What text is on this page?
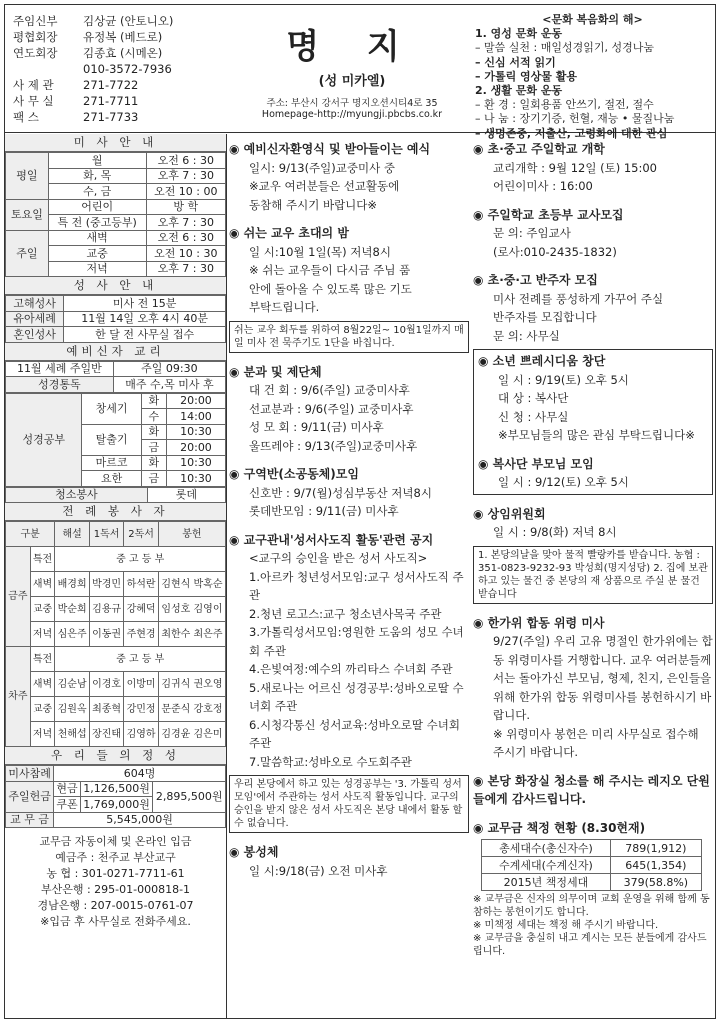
주임신부	김상균 (안토니오)
평협회장	유정복 (베드로)
연도회장	김종효 (시메온)
010-3572-7936
사 제 관	271-7722
사 무 실	271-7711
팩 스	271-7733
명 지
(성 미카엘)
주소: 부산시 강서구 명지오션시티4로 35
Homepage-http://myungji.pbcbs.co.kr
<문화 복음화의 해>
1. 영성 문화 운동
– 말씀 실천 : 매일성경읽기, 성경나눔
– 신심 서적 읽기
– 가톨릭 영상물 활용
2. 생활 문화 운동
– 환 경 : 일회용품 안쓰기, 절전, 절수
– 나 눔 : 장기기증, 헌혈, 재능 • 물질나눔
– 생명존중, 저출산, 고령화에 대한 관심
미 사 안 내
평일	월	오전 6 : 30
	화, 목	오후 7 : 30
	수, 금	오전 10 : 00
토요일	어린이	방 학
	특 전 (중고등부)	오후 7 : 30
주일	새벽	오전 6 : 30
	교중	오전 10 : 30
	저녁	오후 7 : 30
성 사 안 내
고해성사	미사 전 15분
유아세례	11월 14일 오후 4시 40분
혼인성사	한 달 전 사무실 접수
예비신자 교리
11월 세례 주일반	주일 09:30
성경통독	매주 수,목 미사 후
성경공부	창세기	화	20:00
		수	14:00
	탈출기	화	10:30
		금	20:00
	마르코	화	10:30
	요한	금	10:30
청소봉사	롯데
전 례 봉 사 자
구분		해설	1독서	2독서	봉헌
금주	특전	중 고 등 부			
	새벽	배경희	박경민	하석란	김현식 박혹순
	교중	박순희	김용규	강혜덕	임성호 김영이
	저녁	심은주	이동권	주현경	최한수 최은주
차주	특전	중 고 등 부			
	새벽	김순남	이경호	이방미	김귀식 권오영
	교중	김원옥	최종혁	강민정	문준식 강호정
	저녁	천해섭	장진태	김영하	김경윤 김은미
우 리 들 의 정 성
미사참례	604명		
주일헌금	현금	1,126,500원	2,895,500원
	쿠폰	1,769,000원	
교 무 금	5,545,000원		
교무금 자동이체 및 온라인 입금
예금주 : 천주교 부산교구
농 협 : 301-0271-7711-61
부산은행 : 295-01-000818-1
경남은행 : 207-0015-0761-07
※입금 후 사무실로 전화주세요.
◉ 예비신자환영식 및 받아들이는 예식
일시: 9/13(주일)교중미사 중
※교우 여러분들은 선교활동에
동참해 주시기 바랍니다※
◉ 쉬는 교우 초대의 밤
일 시:10월 1일(목) 저녁8시
※ 쉬는 교우들이 다시금 주님 품
안에 돌아올 수 있도록 많은 기도
부탁드립니다.
쉬는 교우 회두를 위하여 8월22일~ 10월1일까지 매일 미사 전 묵주기도 1단을 바칩니다.
◉ 분과 및 제단체
대 건 회 : 9/6(주일) 교중미사후
선교분과 : 9/6(주일) 교중미사후
성 모 회 : 9/11(금) 미사후
울뜨레야 : 9/13(주일)교중미사후
◉ 구역반(소공동체)모임
신호반 : 9/7(월)성심부동산 저녁8시
롯데반모임 : 9/11(금) 미사후
◉ 교구관내'성서사도직 활동'관련 공지
<교구의 승인을 받은 성서 사도직>
1.아르카 청년성서모임:교구 성서사도직 주관
2.청년 로고스:교구 청소년사목국 주관
3.가톨릭성서모임:영원한 도움의 성모 수녀회 주관
4.은빛여정:예수의 까리타스 수녀회 주관
5.새로나는 어르신 성경공부:성바오로딸 수녀회 주관
6.시청각통신 성서교육:성바오로딸 수녀회 주관
7.말씀학교:성바오로 수도회주관
우리 본당에서 하고 있는 성경공부는 '3. 가톨릭 성서 모임'에서 주관하는 성서 사도직 활동입니다. 교구의 승인을 받지 않은 성서 사도직은 본당 내에서 활동 할 수 없습니다.
◉ 봉성체
일 시:9/18(금) 오전 미사후
◉ 초·중고 주일학교 개학
교리개학 : 9월 12일 (토) 15:00
어린이미사 : 16:00
◉ 주일학교 초등부 교사모집
문 의: 주임교사
(로사:010-2435-1832)
◉ 초·중·고 반주자 모집
미사 전례를 풍성하게 가꾸어 주실
반주자를 모집합니다
문 의: 사무실
◉ 소년 쁘레시디움 창단
일 시 : 9/19(토) 오후 5시
대 상 : 복사단
신 청 : 사무실
※부모님들의 많은 관심 부탁드립니다※
◉ 복사단 부모님 모임
일 시 : 9/12(토) 오후 5시
◉ 상임위원회
일 시 : 9/8(화) 저녁 8시
1. 본당의날을 맞아 물적 빨랑카를 받습니다. 농협 : 351-0823-9232-93 박성희(명지성당) 2. 집에 보관하고 있는 물건 중 본당의 재 상품으로 주실 분 물건 받습니다
◉ 한가위 합동 위령 미사
9/27(주일) 우리 고유 명절인 한가위에는 합동 위령미사를 거행합니다. 교우 여러분들께서는 돌아가신 부모님, 형제, 친지, 은인들을 위해 한가위 합동 위령미사를 봉헌하시기 바랍니다.
※ 위령미사 봉헌은 미리 사무실로 접수해 주시기 바랍니다.
◉ 본당 화장실 청소를 해 주시는 레지오 단원들에게 감사드립니다.
◉ 교무금 책정 현황 (8.30현재)
총세대수(총신자수)	789(1,912)
수계세대(수계신자)	645(1,354)
2015년 책정세대	379(58.8%)
※ 교무금은 신자의 의무이며 교회 운영을 위해 함께 동참하는 봉헌이기도 합니다.
※ 미책정 세대는 책정 해 주시기 바랍니다.
※ 교무금을 충실히 내고 계시는 모든 분들에게 감사드립니다.
